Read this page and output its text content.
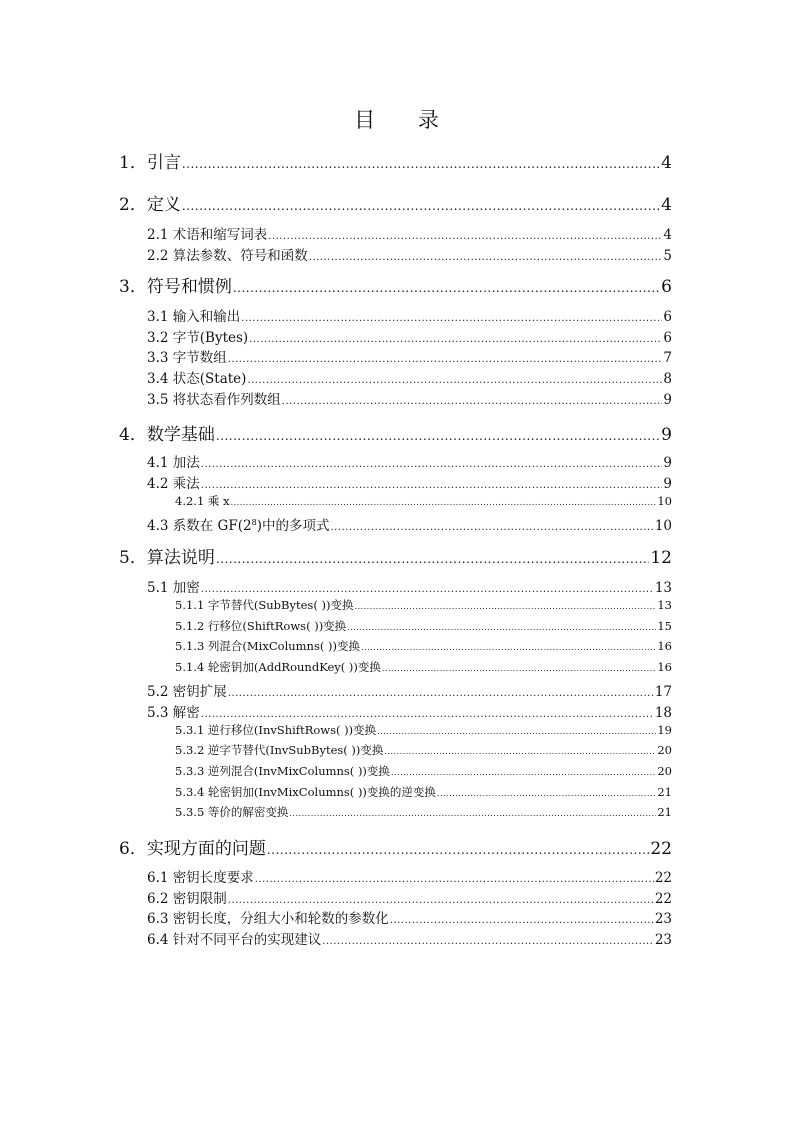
目 录
1．引言 .....	4
2．定义 .....	4
2.1 术语和缩写词表 .....	4
2.2 算法参数、符号和函数 .....	5
3．符号和惯例 .....	6
3.1 输入和输出 .....	6
3.2 字节(Bytes) .....	6
3.3 字节数组 .....	7
3.4 状态(State) .....	8
3.5 将状态看作列数组 .....	9
4．数学基础 .....	9
4.1 加法 .....	9
4.2 乘法 .....	9
4.2.1 乘 x .....	10
4.3 系数在 $GF(2^8)$中的多项式 .....	10
5．算法说明 .....	12
5.1 加密 .....	13
5.1.1 字节替代(SubBytes( ))变换 .....	13
5.1.2 行移位(ShiftRows( ))变换 .....	15
5.1.3 列混合(MixColumns( ))变换 .....	16
5.1.4 轮密钥加(AddRoundKey( ))变换 .....	16
5.2 密钥扩展 .....	17
5.3 解密 .....	18
5.3.1 逆行移位(InvShiftRows( ))变换 .....	19
5.3.2 逆字节替代(InvSubBytes( ))变换 .....	20
5.3.3 逆列混合(InvMixColumns( ))变换 .....	20
5.3.4 轮密钥加(InvMixColumns( ))变换的逆变换 .....	21
5.3.5 等价的解密变换 .....	21
6．实现方面的问题 .....	22
6.1 密钥长度要求 .....	22
6.2 密钥限制 .....	22
6.3 密钥长度，分组大小和轮数的参数化 .....	23
6.4 针对不同平台的实现建议 .....	23
